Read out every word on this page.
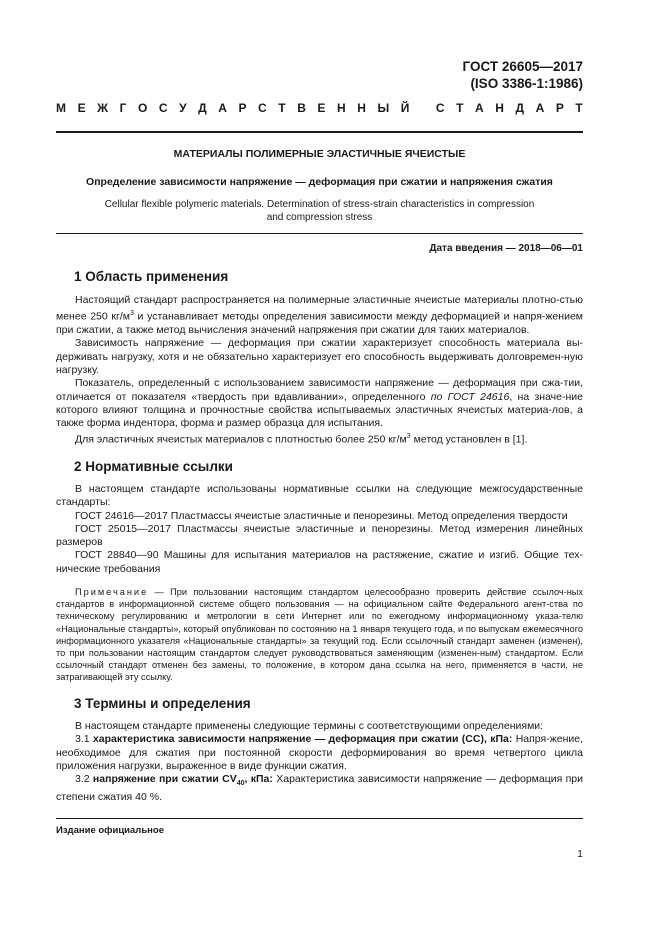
ГОСТ 26605—2017
(ISO 3386-1:1986)
М Е Ж Г О С У Д А Р С Т В Е Н Н Ы Й
С Т А Н Д А Р Т
МАТЕРИАЛЫ ПОЛИМЕРНЫЕ ЭЛАСТИЧНЫЕ ЯЧЕИСТЫЕ
Определение зависимости напряжение — деформация при сжатии и напряжения сжатия
Cellular flexible polymeric materials. Determination of stress-strain characteristics in compression
and compression stress
Дата введения — 2018—06—01
1 Область применения

Настоящий стандарт распространяется на полимерные эластичные ячеистые материалы плотно-стью менее 250 $кг/м^3$ и устанавливает методы определения зависимости между деформацией и напря-жением при сжатии, а также метод вычисления значений напряжения при сжатии для таких материалов.

Зависимость напряжение — деформация при сжатии характеризует способность материала вы-держивать нагрузку, хотя и не обязательно характеризует его способность выдерживать долговремен-ную нагрузку.

Показатель, определенный с использованием зависимости напряжение — деформация при сжа-тии, отличается от показателя «твердость при вдавливании», определенного по ГОСТ 24616, на значе-ние которого влияют толщина и прочностные свойства испытываемых эластичных ячеистых материа-лов, а также форма индентора, форма и размер образца для испытания.

Для эластичных ячеистых материалов с плотностью более 250 $кг/м^3$ метод установлен в [1].

2 Нормативные ссылки

В настоящем стандарте использованы нормативные ссылки на следующие межгосударственные стандарты:

ГОСТ 24616—2017 Пластмассы ячеистые эластичные и пенорезины. Метод определения твердости

ГОСТ 25015—2017 Пластмассы ячеистые эластичные и пенорезины. Метод измерения линейных размеров

ГОСТ 28840—90 Машины для испытания материалов на растяжение, сжатие и изгиб. Общие тех-нические требования

Примечание — При пользовании настоящим стандартом целесообразно проверить действие ссылоч-ных стандартов в информационной системе общего пользования — на официальном сайте Федерального агент-ства по техническому регулированию и метрологии в сети Интернет или по ежегодному информационному указа-телю «Национальные стандарты», который опубликован по состоянию на 1 января текущего года, и по выпускам ежемесячного информационного указателя «Национальные стандарты» за текущий год. Если ссылочный стандарт заменен (изменен), то при пользовании настоящим стандартом следует руководствоваться заменяющим (изменен-ным) стандартом. Если ссылочный стандарт отменен без замены, то положение, в котором дана ссылка на него, применяется в части, не затрагивающей эту ссылку.

3 Термины и определения

В настоящем стандарте применены следующие термины с соответствующими определениями:

3.1 характеристика зависимости напряжение — деформация при сжатии (CC), кПа: Напря-жение, необходимое для сжатия при постоянной скорости деформирования во время четвертого цикла приложения нагрузки, выраженное в виде функции сжатия.

3.2 напряжение при сжатии $CV_{40}$, кПа: Характеристика зависимости напряжение — деформация при степени сжатия 40 %.

Издание официальное
1
